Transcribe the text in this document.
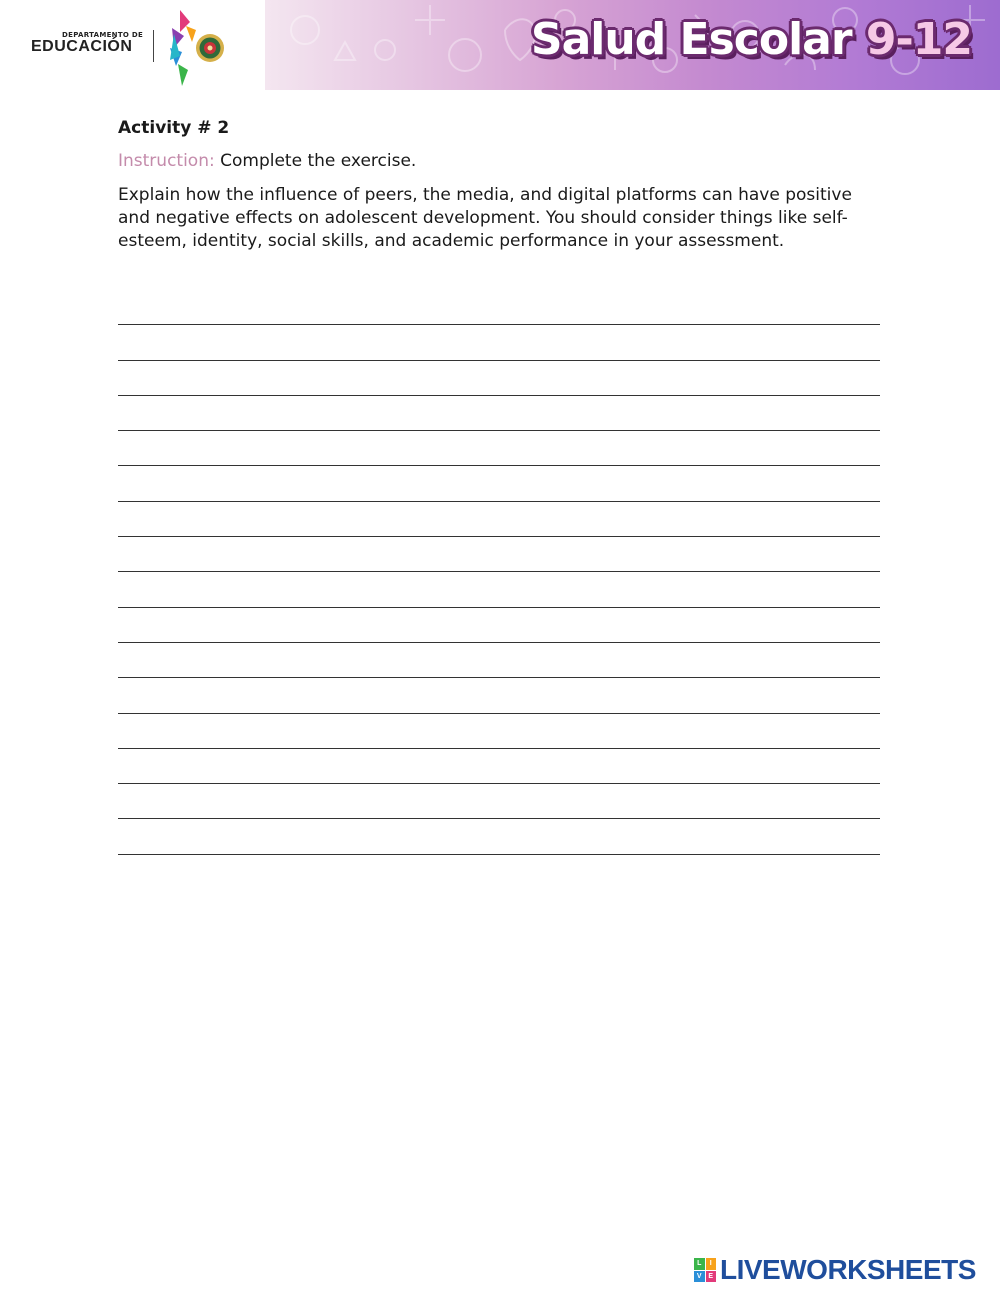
DEPARTAMENTO DE
EDUCACIÓN	Salud Escolar 9-12

Activity # 2

Instruction: Complete the exercise.

Explain how the influence of peers, the media, and digital platforms can have positive and negative effects on adolescent development. You should consider things like self-esteem, identity, social skills, and academic performance in your assessment.

L	I
V E LIVEWORKSHEETS
